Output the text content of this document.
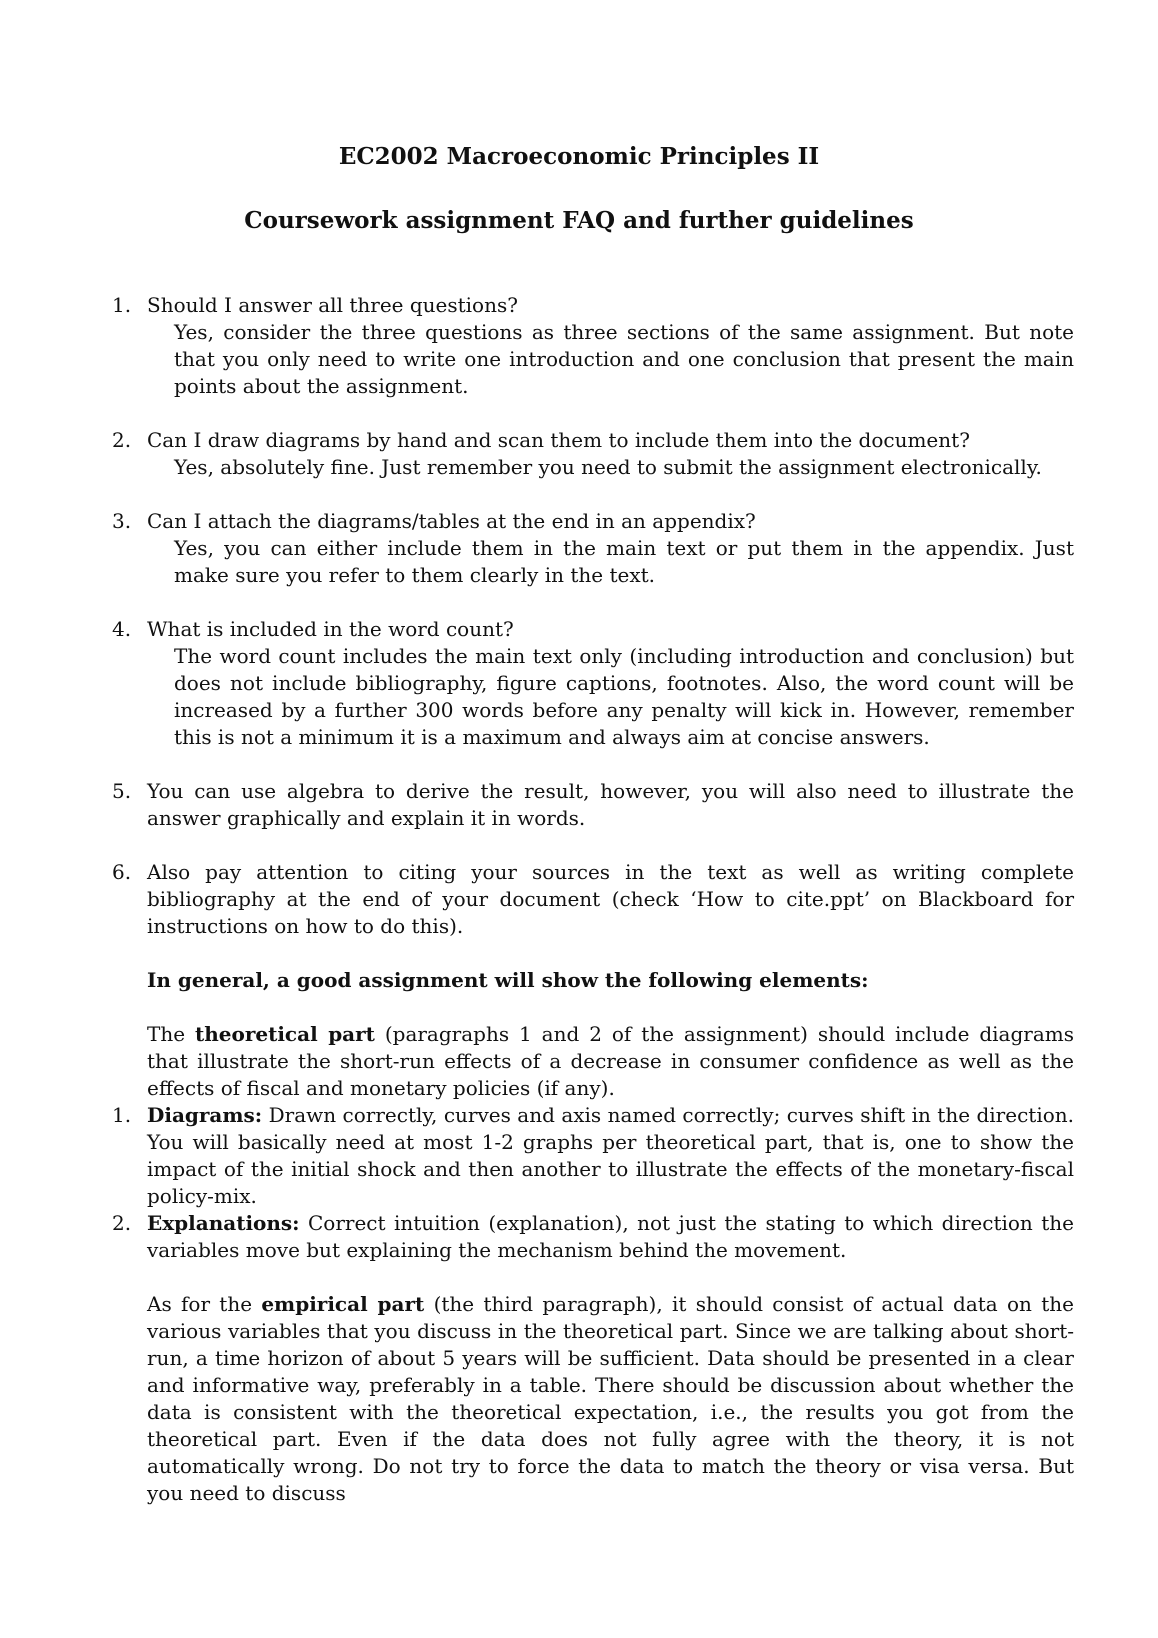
EC2002 Macroeconomic Principles II
Coursework assignment FAQ and further guidelines
1. Should I answer all three questions?
Yes, consider the three questions as three sections of the same assignment. But note that you only need to write one introduction and one conclusion that present the main points about the assignment.
2. Can I draw diagrams by hand and scan them to include them into the document?
Yes, absolutely fine. Just remember you need to submit the assignment electronically.
3. Can I attach the diagrams/tables at the end in an appendix?
Yes, you can either include them in the main text or put them in the appendix. Just make sure you refer to them clearly in the text.
4. What is included in the word count?
The word count includes the main text only (including introduction and conclusion) but does not include bibliography, figure captions, footnotes. Also, the word count will be increased by a further 300 words before any penalty will kick in. However, remember this is not a minimum it is a maximum and always aim at concise answers.
5. You can use algebra to derive the result, however, you will also need to illustrate the answer graphically and explain it in words.
6. Also pay attention to citing your sources in the text as well as writing complete bibliography at the end of your document (check ‘How to cite.ppt’ on Blackboard for instructions on how to do this).

In general, a good assignment will show the following elements:

The theoretical part (paragraphs 1 and 2 of the assignment) should include diagrams that illustrate the short-run effects of a decrease in consumer confidence as well as the effects of fiscal and monetary policies (if any).

1. Diagrams: Drawn correctly, curves and axis named correctly; curves shift in the direction. You will basically need at most 1-2 graphs per theoretical part, that is, one to show the impact of the initial shock and then another to illustrate the effects of the monetary-fiscal policy-mix.
2. Explanations: Correct intuition (explanation), not just the stating to which direction the variables move but explaining the mechanism behind the movement.

As for the empirical part (the third paragraph), it should consist of actual data on the various variables that you discuss in the theoretical part. Since we are talking about short-run, a time horizon of about 5 years will be sufficient. Data should be presented in a clear and informative way, preferably in a table. There should be discussion about whether the data is consistent with the theoretical expectation, i.e., the results you got from the theoretical part. Even if the data does not fully agree with the theory, it is not automatically wrong. Do not try to force the data to match the theory or visa versa. But you need to discuss
